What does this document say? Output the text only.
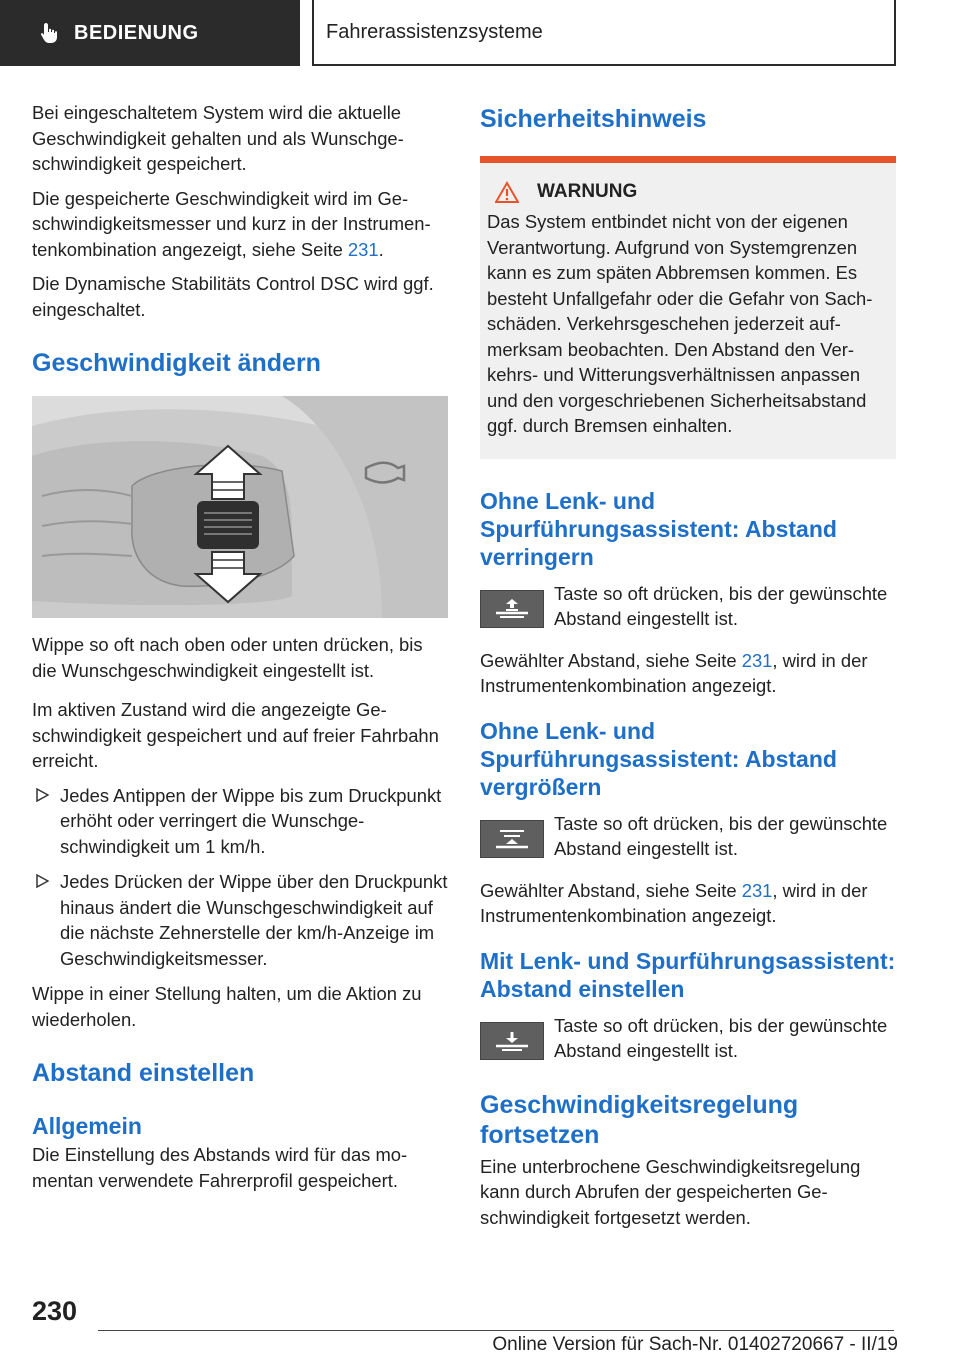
BEDIENUNG	Fahrerassistenzsysteme

Bei eingeschaltetem System wird die aktuelle Geschwindigkeit gehalten und als Wunschgeschwindigkeit gespeichert.

Die gespeicherte Geschwindigkeit wird im Geschwindigkeitsmesser und kurz in der Instrumentenkombination angezeigt, siehe Seite 231.

Die Dynamische Stabilitäts Control DSC wird ggf. eingeschaltet.

Geschwindigkeit ändern

Wippe so oft nach oben oder unten drücken, bis die Wunschgeschwindigkeit eingestellt ist.

Im aktiven Zustand wird die angezeigte Geschwindigkeit gespeichert und auf freier Fahrbahn erreicht.

Jedes Antippen der Wippe bis zum Druckpunkt erhöht oder verringert die Wunschgeschwindigkeit um 1 km/h.
Jedes Drücken der Wippe über den Druckpunkt hinaus ändert die Wunschgeschwindigkeit auf die nächste Zehnerstelle der km/h-Anzeige im Geschwindigkeitsmesser.

Wippe in einer Stellung halten, um die Aktion zu wiederholen.

Abstand einstellen
Allgemein

Die Einstellung des Abstands wird für das momentan verwendete Fahrerprofil gespeichert.

Sicherheitshinweis
WARNUNG

Das System entbindet nicht von der eigenen Verantwortung. Aufgrund von Systemgrenzen kann es zum späten Abbremsen kommen. Es besteht Unfallgefahr oder die Gefahr von Sachschäden. Verkehrsgeschehen jederzeit aufmerksam beobachten. Den Abstand den Verkehrs- und Witterungsverhältnissen anpassen und den vorgeschriebenen Sicherheitsabstand ggf. durch Bremsen einhalten.

Ohne Lenk- und Spurführungsassistent: Abstand verringern

Taste so oft drücken, bis der gewünschte Abstand eingestellt ist.

Gewählter Abstand, siehe Seite 231, wird in der Instrumentenkombination angezeigt.

Ohne Lenk- und Spurführungsassistent: Abstand vergrößern

Taste so oft drücken, bis der gewünschte Abstand eingestellt ist.

Gewählter Abstand, siehe Seite 231, wird in der Instrumentenkombination angezeigt.

Mit Lenk- und Spurführungsassistent: Abstand einstellen

Taste so oft drücken, bis der gewünschte Abstand eingestellt ist.

Geschwindigkeitsregelung fortsetzen

Eine unterbrochene Geschwindigkeitsregelung kann durch Abrufen der gespeicherten Geschwindigkeit fortgesetzt werden.

230
Online Version für Sach-Nr. 01402720667 - II/19
